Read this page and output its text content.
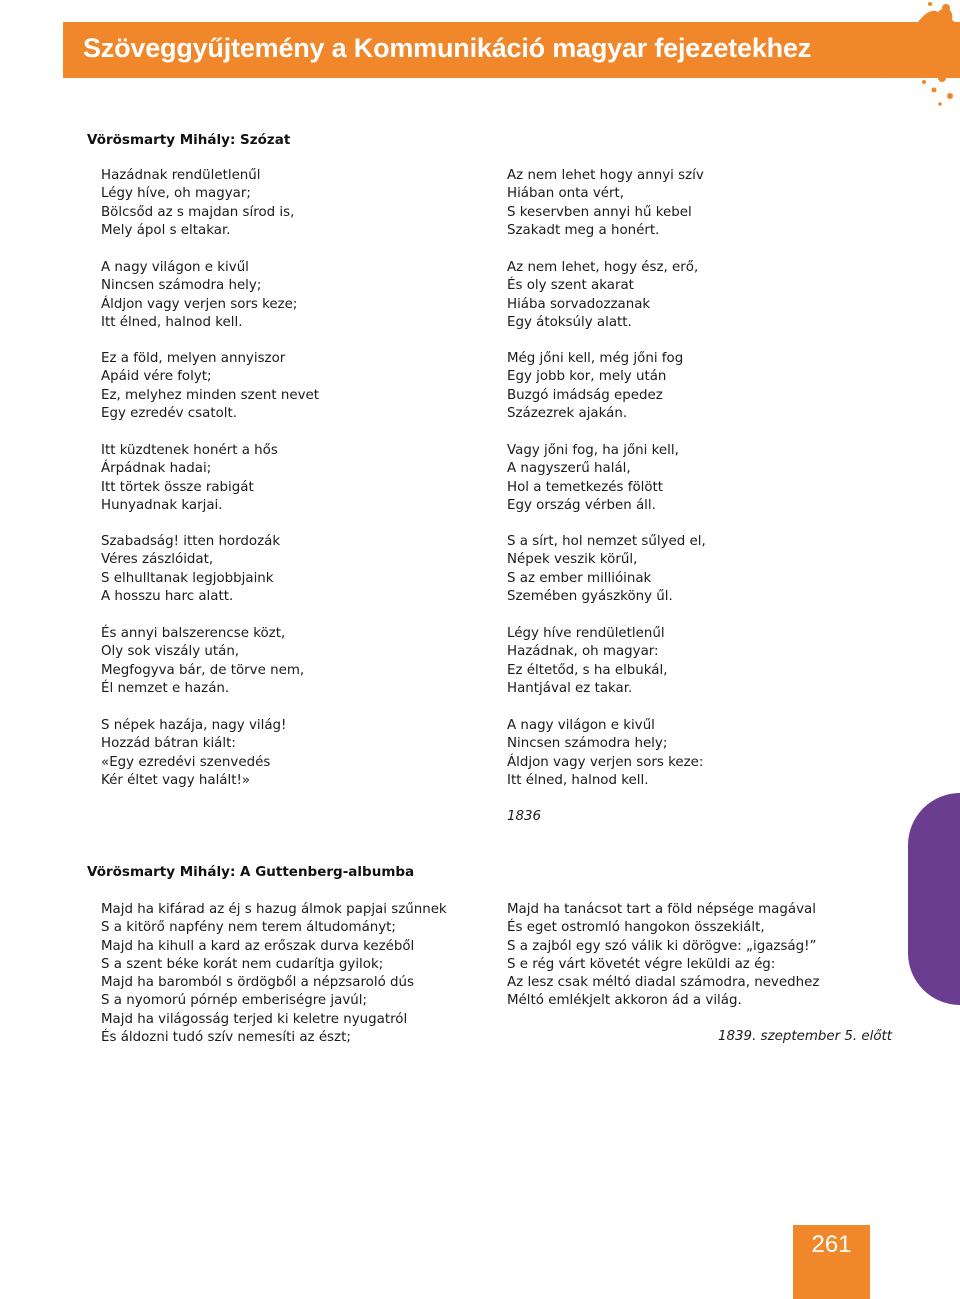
Szöveggyűjtemény a Kommunikáció magyar fejezetekhez
Vörösmarty Mihály: Szózat
Hazádnak rendületlenűl
Légy híve, oh magyar;
Bölcsőd az s majdan sírod is,
Mely ápol s eltakar.
A nagy világon e kivűl
Nincsen számodra hely;
Áldjon vagy verjen sors keze;
Itt élned, halnod kell.
Ez a föld, melyen annyiszor
Apáid vére folyt;
Ez, melyhez minden szent nevet
Egy ezredév csatolt.
Itt küzdtenek honért a hős
Árpádnak hadai;
Itt törtek össze rabigát
Hunyadnak karjai.
Szabadság! itten hordozák
Véres zászlóidat,
S elhulltanak legjobbjaink
A hosszu harc alatt.
És annyi balszerencse közt,
Oly sok viszály után,
Megfogyva bár, de törve nem,
Él nemzet e hazán.
S népek hazája, nagy világ!
Hozzád bátran kiált:
«Egy ezredévi szenvedés
Kér éltet vagy halált!»
Az nem lehet hogy annyi szív
Hiában onta vért,
S keservben annyi hű kebel
Szakadt meg a honért.
Az nem lehet, hogy ész, erő,
És oly szent akarat
Hiába sorvadozzanak
Egy átoksúly alatt.
Még jőni kell, még jőni fog
Egy jobb kor, mely után
Buzgó imádság epedez
Százezrek ajakán.
Vagy jőni fog, ha jőni kell,
A nagyszerű halál,
Hol a temetkezés fölött
Egy ország vérben áll.
S a sírt, hol nemzet sűlyed el,
Népek veszik körűl,
S az ember millióinak
Szemében gyászköny űl.
Légy híve rendületlenűl
Hazádnak, oh magyar:
Ez éltetőd, s ha elbukál,
Hantjával ez takar.
A nagy világon e kivűl
Nincsen számodra hely;
Áldjon vagy verjen sors keze:
Itt élned, halnod kell.
1836
Vörösmarty Mihály: A Guttenberg-albumba
Majd ha kifárad az éj s hazug álmok papjai szűnnek
S a kitörő napfény nem terem áltudományt;
Majd ha kihull a kard az erőszak durva kezéből
S a szent béke korát nem cudarítja gyilok;
Majd ha baromból s ördögből a népzsaroló dús
S a nyomorú pórnép emberiségre javúl;
Majd ha világosság terjed ki keletre nyugatról
És áldozni tudó szív nemesíti az észt;
Majd ha tanácsot tart a föld népsége magával
És eget ostromló hangokon összekiált,
S a zajból egy szó válik ki dörögve: „igazság!”
S e rég várt követét végre leküldi az ég:
Az lesz csak méltó diadal számodra, nevedhez
Méltó emlékjelt akkoron ád a világ.
1839. szeptember 5. előtt
261
